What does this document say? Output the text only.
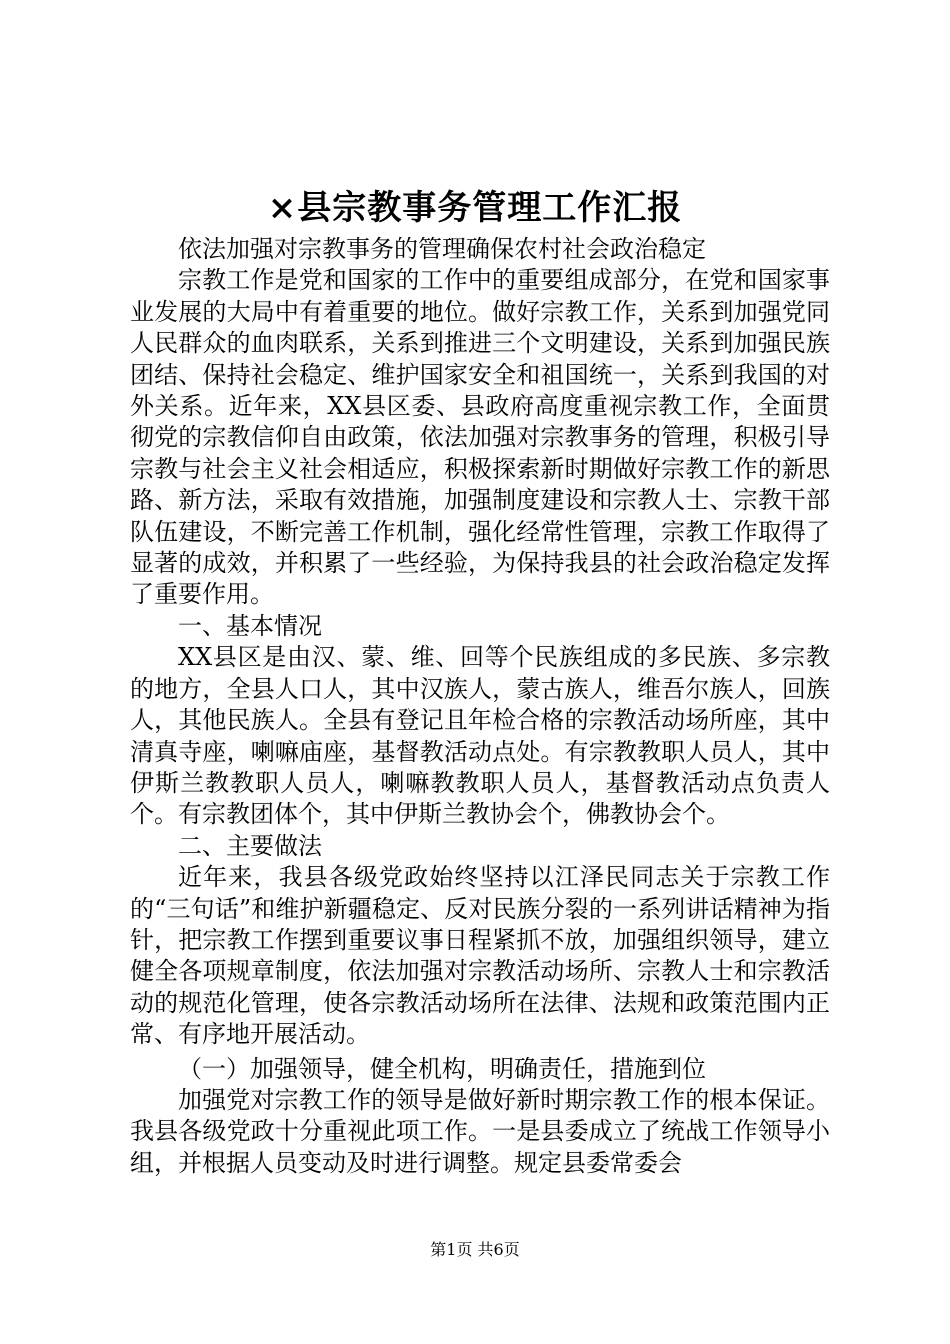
×县宗教事务管理工作汇报

依法加强对宗教事务的管理确保农村社会政治稳定

宗教工作是党和国家的工作中的重要组成部分，在党和国家事业发展的大局中有着重要的地位。做好宗教工作，关系到加强党同人民群众的血肉联系，关系到推进三个文明建设，关系到加强民族团结、保持社会稳定、维护国家安全和祖国统一，关系到我国的对外关系。近年来，XX县区委、县政府高度重视宗教工作，全面贯彻党的宗教信仰自由政策，依法加强对宗教事务的管理，积极引导宗教与社会主义社会相适应，积极探索新时期做好宗教工作的新思路、新方法，采取有效措施，加强制度建设和宗教人士、宗教干部队伍建设，不断完善工作机制，强化经常性管理，宗教工作取得了显著的成效，并积累了一些经验，为保持我县的社会政治稳定发挥了重要作用。

一、基本情况

XX县区是由汉、蒙、维、回等个民族组成的多民族、多宗教的地方，全县人口人，其中汉族人，蒙古族人，维吾尔族人，回族人，其他民族人。全县有登记且年检合格的宗教活动场所座，其中清真寺座，喇嘛庙座，基督教活动点处。有宗教教职人员人，其中伊斯兰教教职人员人，喇嘛教教职人员人，基督教活动点负责人个。有宗教团体个，其中伊斯兰教协会个，佛教协会个。

二、主要做法

近年来，我县各级党政始终坚持以江泽民同志关于宗教工作的“三句话”和维护新疆稳定、反对民族分裂的一系列讲话精神为指针，把宗教工作摆到重要议事日程紧抓不放，加强组织领导，建立健全各项规章制度，依法加强对宗教活动场所、宗教人士和宗教活动的规范化管理，使各宗教活动场所在法律、法规和政策范围内正常、有序地开展活动。

（一）加强领导，健全机构，明确责任，措施到位

加强党对宗教工作的领导是做好新时期宗教工作的根本保证。我县各级党政十分重视此项工作。一是县委成立了统战工作领导小组，并根据人员变动及时进行调整。规定县委常委会

第1页 共6页
